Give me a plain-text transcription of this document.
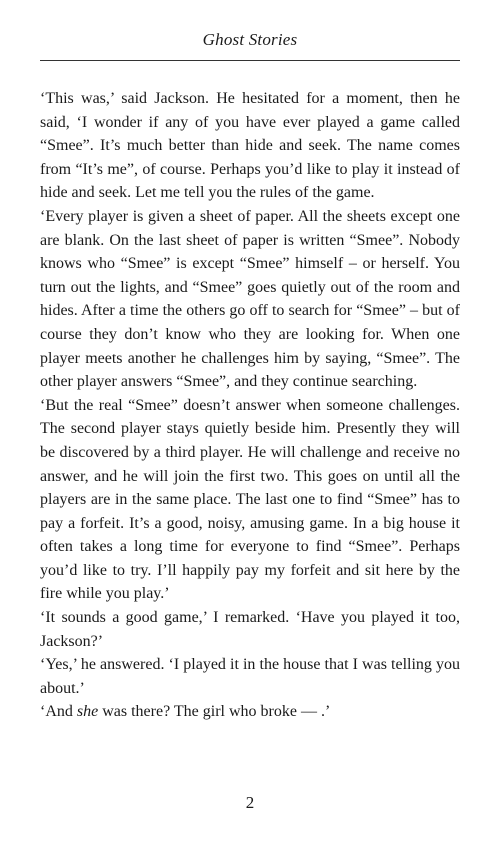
Ghost Stories

‘This was,’ said Jackson. He hesitated for a moment, then he said, ‘I wonder if any of you have ever played a game called “Smee”. It’s much better than hide and seek. The name comes from “It’s me”, of course. Perhaps you’d like to play it instead of hide and seek. Let me tell you the rules of the game.

‘Every player is given a sheet of paper. All the sheets except one are blank. On the last sheet of paper is written “Smee”. Nobody knows who “Smee” is except “Smee” himself – or herself. You turn out the lights, and “Smee” goes quietly out of the room and hides. After a time the others go off to search for “Smee” – but of course they don’t know who they are looking for. When one player meets another he challenges him by saying, “Smee”. The other player answers “Smee”, and they continue searching.

‘But the real “Smee” doesn’t answer when someone challenges. The second player stays quietly beside him. Presently they will be discovered by a third player. He will challenge and receive no answer, and he will join the first two. This goes on until all the players are in the same place. The last one to find “Smee” has to pay a forfeit. It’s a good, noisy, amusing game. In a big house it often takes a long time for everyone to find “Smee”. Perhaps you’d like to try. I’ll happily pay my forfeit and sit here by the fire while you play.’

‘It sounds a good game,’ I remarked. ‘Have you played it too, Jackson?’

‘Yes,’ he answered. ‘I played it in the house that I was telling you about.’

‘And she was there? The girl who broke — .’

2
